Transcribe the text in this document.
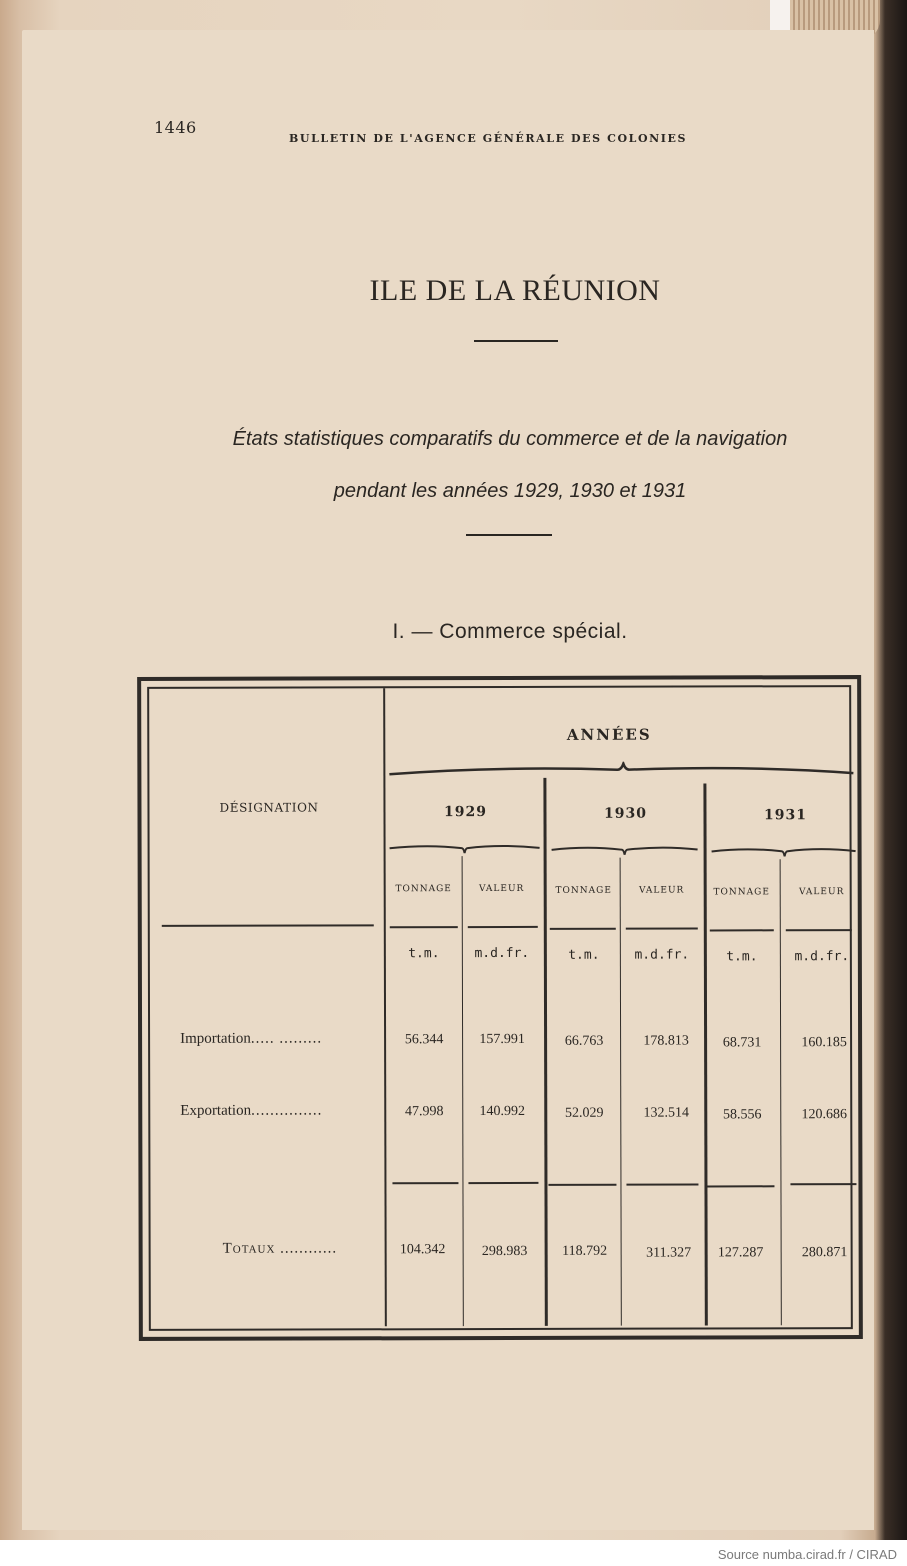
1446
BULLETIN DE L'AGENCE GÉNÉRALE DES COLONIES
ILE DE LA RÉUNION
États statistiques comparatifs du commerce et de la navigation
pendant les années 1929, 1930 et 1931
I. — Commerce spécial.
DÉSIGNATION
ANNÉES
1929	1930	1931
TONNAGE	VALEUR	TONNAGE	VALEUR	TONNAGE	VALEUR
t.m.	m.d.fr.	t.m.	m.d.fr.	t.m.	m.d.fr.
Importation..... .........	56.344	157.991	66.763	178.813	68.731	160.185
Exportation...............	47.998	140.992	52.029	132.514	58.556	120.686
Totaux ............	104.342	298.983	118.792	311.327	127.287	280.871
Source numba.cirad.fr / CIRAD
